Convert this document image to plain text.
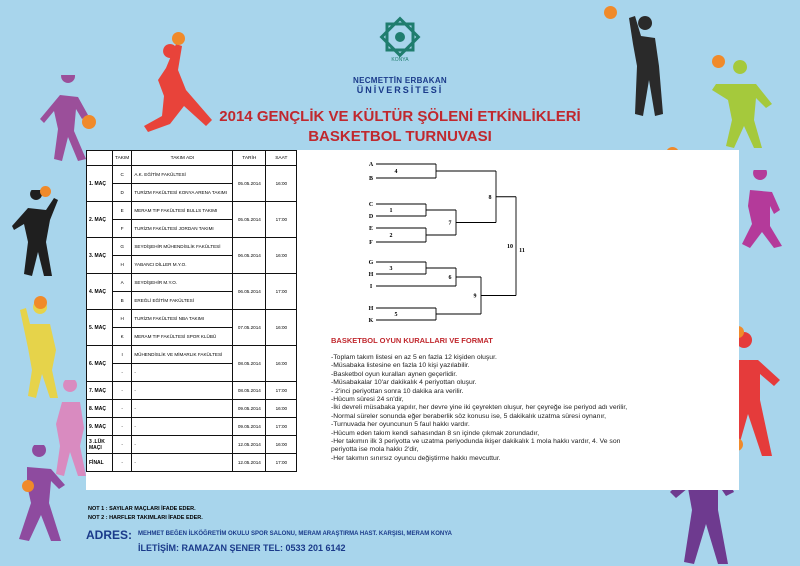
KONYA
NECMETTİN ERBAKAN
ÜNİVERSİTESİ
2014 GENÇLİK VE KÜLTÜR ŞÖLENİ ETKİNLİKLERİ
BASKETBOL TURNUVASI
	TAKIM	TAKIM ADI	TARİH	SAAT
1. MAÇ	C	A.K. EĞİTİM FAKÜLTESİ	05.05.2014	16:00
	D	TURİZM FAKÜLTESİ KONYA ARENA TAKIMI		
2. MAÇ	E	MERAM TIP FAKÜLTESİ BULLS TAKIMI	05.05.2014	17:00
	F	TURİZM FAKÜLTESİ JORDAN TAKIMI		
3. MAÇ	G	SEYDİŞEHİR MÜHENDİSLİK FAKÜLTESİ	06.05.2014	16:00
	H	YABANCI DİLLER M.Y.O.		
4. MAÇ	A	SEYDİŞEHİR M.Y.O.	06.05.2014	17:00
	B	EREĞLİ EĞİTİM FAKÜLTESİ		
5. MAÇ	H	TURİZM FAKÜLTESİ NBA TAKIMI	07.05.2014	16:00
	K	MERAM TIP FAKÜLTESİ SPOR KLÜBÜ		
6. MAÇ	I	MÜHENDİSLİK VE MİMARLIK FAKÜLTESİ	08.05.2014	16:00
	-	-		
7. MAÇ	-	-	08.05.2014	17:00
8. MAÇ	-	-	09.05.2014	16:00
9. MAÇ	-	-	09.05.2014	17:00
3 .LÜK MAÇI	-	-	12.05.2014	16:00
FİNAL	-	-	12.05.2014	17:00
A
B
C
D
E
F
G
H
I
H
K
4
1
2
3
5
7
6
9
8
10
11
BASKETBOL OYUN KURALLARI VE FORMAT
-Toplam takım listesi en az 5 en fazla 12 kişiden oluşur.
-Müsabaka listesine en fazla 10 kişi yazılabilir.
-Basketbol oyun kuralları aynen geçerlidir.
-Müsabakalar 10'ar dakikalık 4 periyottan oluşur.
- 2'inci periyottan sonra 10 dakika ara verilir.
-Hücum süresi 24 sn'dir,
-İki devreli müsabaka yapılır, her devre yine iki çeyrekten oluşur, her çeyreğe ise periyod adı verilir,
-Normal süreler sonunda eğer beraberlik söz konusu ise, 5 dakikalık uzatma süresi oynanır,
-Turnuvada her oyuncunun 5 faul hakkı vardır.
-Hücum eden takım kendi sahasından 8 sn içinde çıkmak zorundadır,
-Her takımın ilk 3 periyotta ve uzatma periyodunda ikişer dakikalık 1 mola hakkı vardır, 4. Ve son
periyotta ise mola hakkı 2'dir,
-Her takımın sınırsız oyuncu değiştirme hakkı mevcuttur.
NOT 1 : SAYILAR MAÇLARI İFADE EDER.
NOT 2 : HARFLER TAKIMLARI İFADE EDER.
ADRES: MEHMET BEĞEN İLKÖĞRETİM OKULU SPOR SALONU, MERAM ARAŞTIRMA HAST. KARŞISI, MERAM KONYA
İLETİŞİM: RAMAZAN ŞENER TEL: 0533 201 6142
